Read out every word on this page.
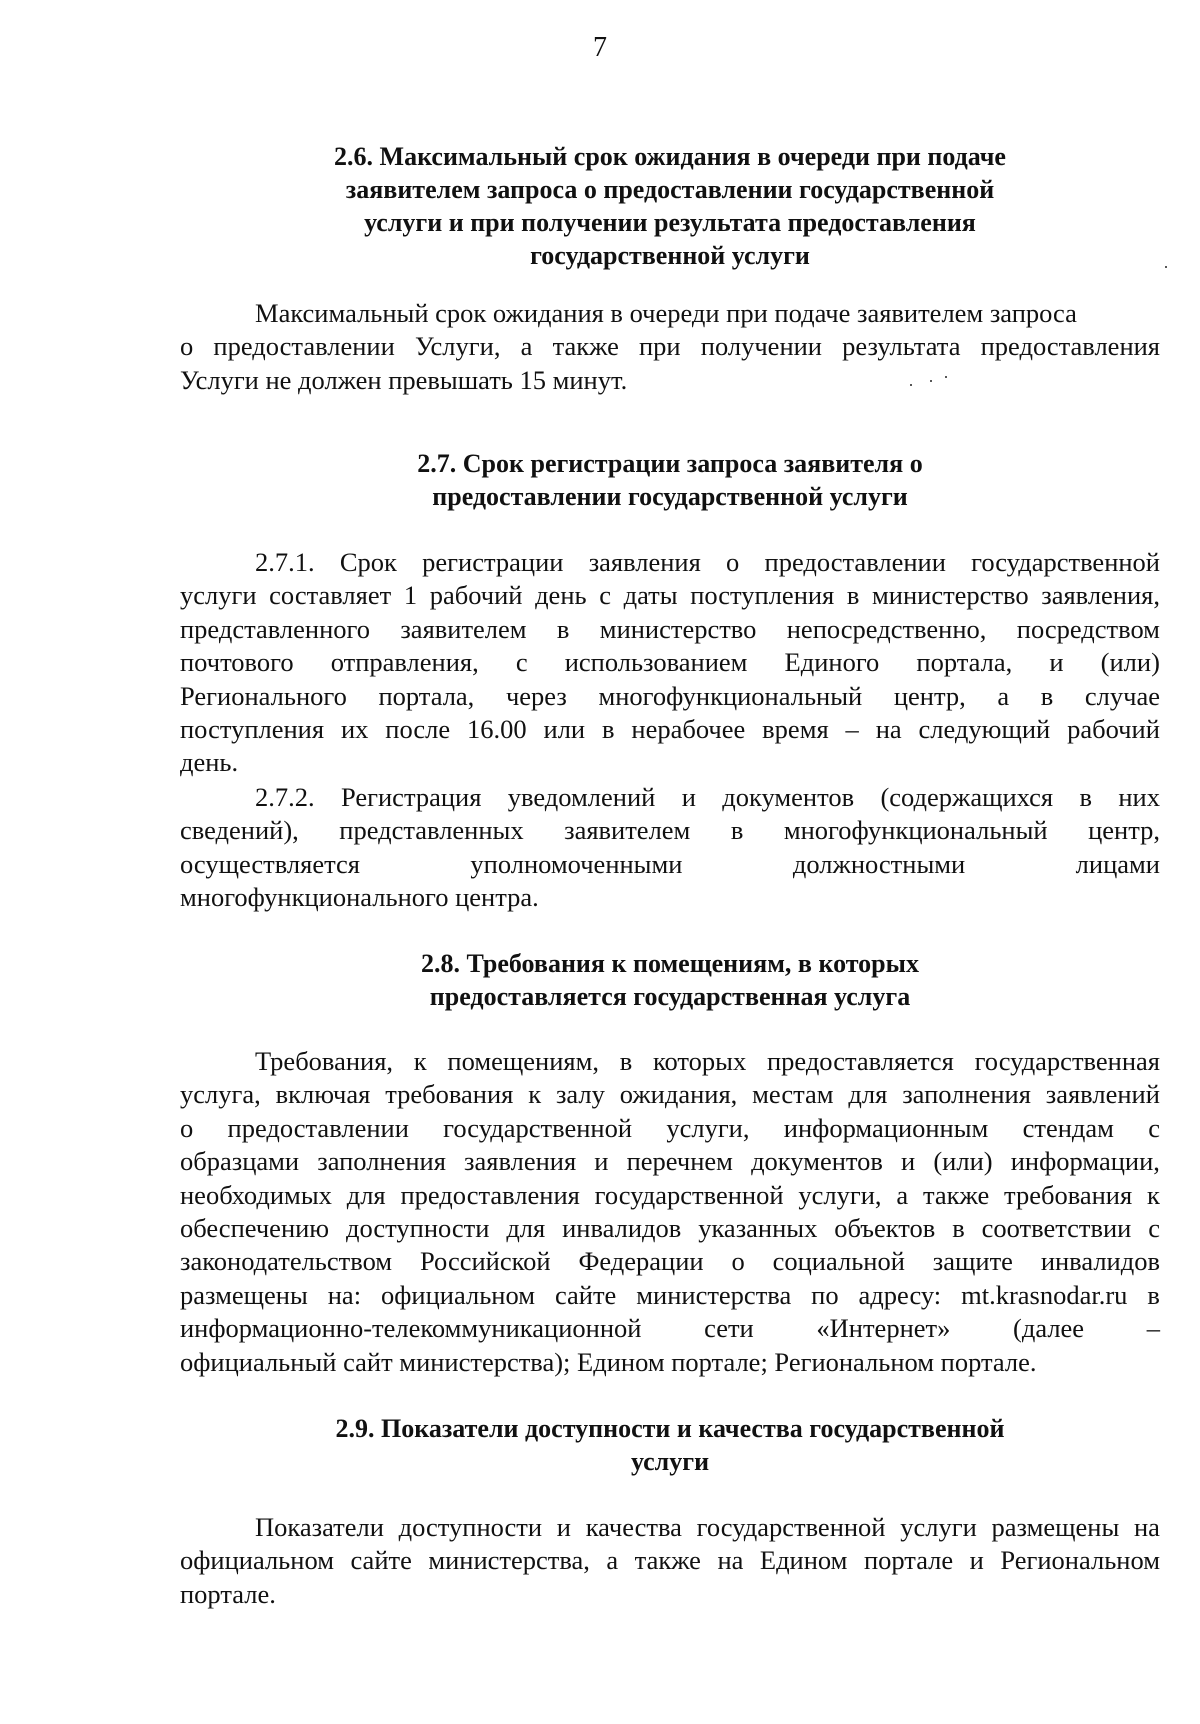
7
2.6. Максимальный срок ожидания в очереди при подаче
заявителем запроса о предоставлении государственной
услуги и при получении результата предоставления
государственной услуги
Максимальный срок ожидания в очереди при подаче заявителем запроса
о предоставлении Услуги, а также при получении результата предоставления
Услуги не должен превышать 15 минут.
2.7. Срок регистрации запроса заявителя о
предоставлении государственной услуги
2.7.1. Срок регистрации заявления о предоставлении государственной
услуги составляет 1 рабочий день с даты поступления в министерство заявления,
представленного заявителем в министерство непосредственно, посредством
почтового отправления, с использованием Единого портала, и (или)
Регионального портала, через многофункциональный центр, а в случае
поступления их после 16.00 или в нерабочее время – на следующий рабочий
день.
2.7.2. Регистрация уведомлений и документов (содержащихся в них
сведений), представленных заявителем в многофункциональный центр,
осуществляется	уполномоченными	должностными	лицами
многофункционального центра.
2.8. Требования к помещениям, в которых
предоставляется государственная услуга
Требования, к помещениям, в которых предоставляется государственная
услуга, включая требования к залу ожидания, местам для заполнения заявлений
о предоставлении государственной услуги, информационным стендам с
образцами заполнения заявления и перечнем документов и (или) информации,
необходимых для предоставления государственной услуги, а также требования к
обеспечению доступности для инвалидов указанных объектов в соответствии с
законодательством Российской Федерации о социальной защите инвалидов
размещены на: официальном сайте министерства по адресу: mt.krasnodar.ru в
информационно-телекоммуникационной сети «Интернет» (далее –
официальный сайт министерства); Едином портале; Региональном портале.
2.9. Показатели доступности и качества государственной
услуги
Показатели доступности и качества государственной услуги размещены на
официальном сайте министерства, а также на Едином портале и Региональном
портале.
